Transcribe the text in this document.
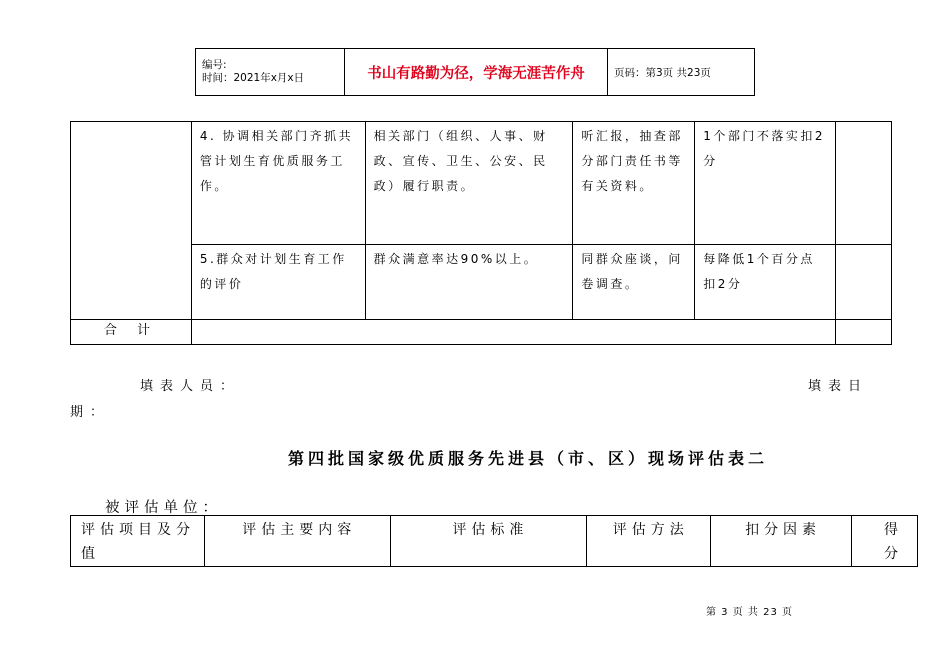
编号:
时间：2021年x月x日	书山有路勤为径，学海无涯苦作舟	页码：第3页 共23页
	4. 协调相关部门齐抓共管计划生育优质服务工作。	相关部门（组织、人事、财政、宣传、卫生、公安、民政）履行职责。	听汇报，抽查部分部门责任书等有关资料。	1个部门不落实扣2分	
	5.群众对计划生育工作的评价	群众满意率达90%以上。	同群众座谈，问卷调查。	每降低1个百分点扣2分	
合 计					
填表人员：	填表日
期：
第四批国家级优质服务先进县（市、区）现场评估表二
被评估单位：
评估项目及分值	评估主要内容	评估标准	评估方法	扣分因素	得分
第 3 页 共 23 页
